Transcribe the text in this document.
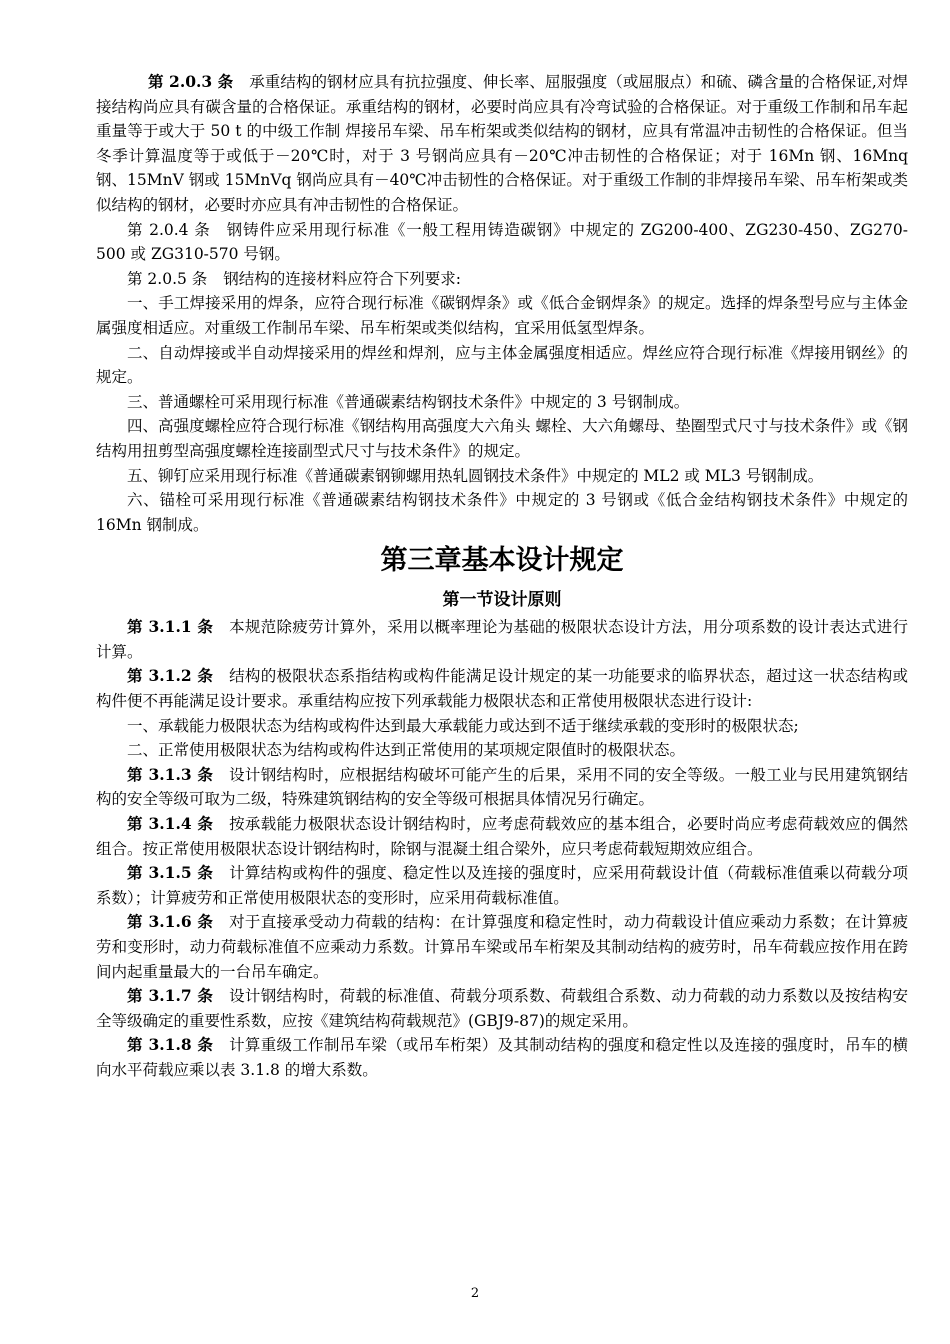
第 2.0.3 条 承重结构的钢材应具有抗拉强度、伸长率、屈服强度（或屈服点）和硫、磷含量的合格保证,对焊接结构尚应具有碳含量的合格保证。承重结构的钢材，必要时尚应具有冷弯试验的合格保证。对于重级工作制和吊车起重量等于或大于 50 t 的中级工作制 焊接吊车梁、吊车桁架或类似结构的钢材，应具有常温冲击韧性的合格保证。但当冬季计算温度等于或低于－20℃时，对于 3 号钢尚应具有－20℃冲击韧性的合格保证；对于 16Mn 钢、16Mnq 钢、15MnV 钢或 15MnVq 钢尚应具有－40℃冲击韧性的合格保证。对于重级工作制的非焊接吊车梁、吊车桁架或类似结构的钢材，必要时亦应具有冲击韧性的合格保证。

第 2.0.4 条 钢铸件应采用现行标准《一般工程用铸造碳钢》中规定的 ZG200-400、ZG230-450、ZG270-500 或 ZG310-570 号钢。

第 2.0.5 条 钢结构的连接材料应符合下列要求:

一、手工焊接采用的焊条，应符合现行标准《碳钢焊条》或《低合金钢焊条》的规定。选择的焊条型号应与主体金属强度相适应。对重级工作制吊车梁、吊车桁架或类似结构，宜采用低氢型焊条。

二、自动焊接或半自动焊接采用的焊丝和焊剂，应与主体金属强度相适应。焊丝应符合现行标准《焊接用钢丝》的规定。

三、普通螺栓可采用现行标准《普通碳素结构钢技术条件》中规定的 3 号钢制成。

四、高强度螺栓应符合现行标准《钢结构用高强度大六角头 螺栓、大六角螺母、垫圈型式尺寸与技术条件》或《钢结构用扭剪型高强度螺栓连接副型式尺寸与技术条件》的规定。

五、铆钉应采用现行标准《普通碳素钢铆螺用热轧圆钢技术条件》中规定的 ML2 或 ML3 号钢制成。

六、锚栓可采用现行标准《普通碳素结构钢技术条件》中规定的 3 号钢或《低合金结构钢技术条件》中规定的 16Mn 钢制成。

第三章基本设计规定
第一节设计原则

第 3.1.1 条 本规范除疲劳计算外，采用以概率理论为基础的极限状态设计方法，用分项系数的设计表达式进行计算。

第 3.1.2 条 结构的极限状态系指结构或构件能满足设计规定的某一功能要求的临界状态，超过这一状态结构或构件便不再能满足设计要求。承重结构应按下列承载能力极限状态和正常使用极限状态进行设计:

一、承载能力极限状态为结构或构件达到最大承载能力或达到不适于继续承载的变形时的极限状态;

二、正常使用极限状态为结构或构件达到正常使用的某项规定限值时的极限状态。

第 3.1.3 条 设计钢结构时，应根据结构破坏可能产生的后果，采用不同的安全等级。一般工业与民用建筑钢结构的安全等级可取为二级，特殊建筑钢结构的安全等级可根据具体情况另行确定。

第 3.1.4 条 按承载能力极限状态设计钢结构时，应考虑荷载效应的基本组合，必要时尚应考虑荷载效应的偶然组合。按正常使用极限状态设计钢结构时，除钢与混凝土组合梁外，应只考虑荷载短期效应组合。

第 3.1.5 条 计算结构或构件的强度、稳定性以及连接的强度时，应采用荷载设计值（荷载标准值乘以荷载分项系数）；计算疲劳和正常使用极限状态的变形时，应采用荷载标准值。

第 3.1.6 条 对于直接承受动力荷载的结构：在计算强度和稳定性时，动力荷载设计值应乘动力系数；在计算疲劳和变形时，动力荷载标准值不应乘动力系数。计算吊车梁或吊车桁架及其制动结构的疲劳时，吊车荷载应按作用在跨间内起重量最大的一台吊车确定。

第 3.1.7 条 设计钢结构时，荷载的标准值、荷载分项系数、荷载组合系数、动力荷载的动力系数以及按结构安全等级确定的重要性系数，应按《建筑结构荷载规范》(GBJ9-87)的规定采用。

第 3.1.8 条 计算重级工作制吊车梁（或吊车桁架）及其制动结构的强度和稳定性以及连接的强度时，吊车的横向水平荷载应乘以表 3.1.8 的增大系数。

2
